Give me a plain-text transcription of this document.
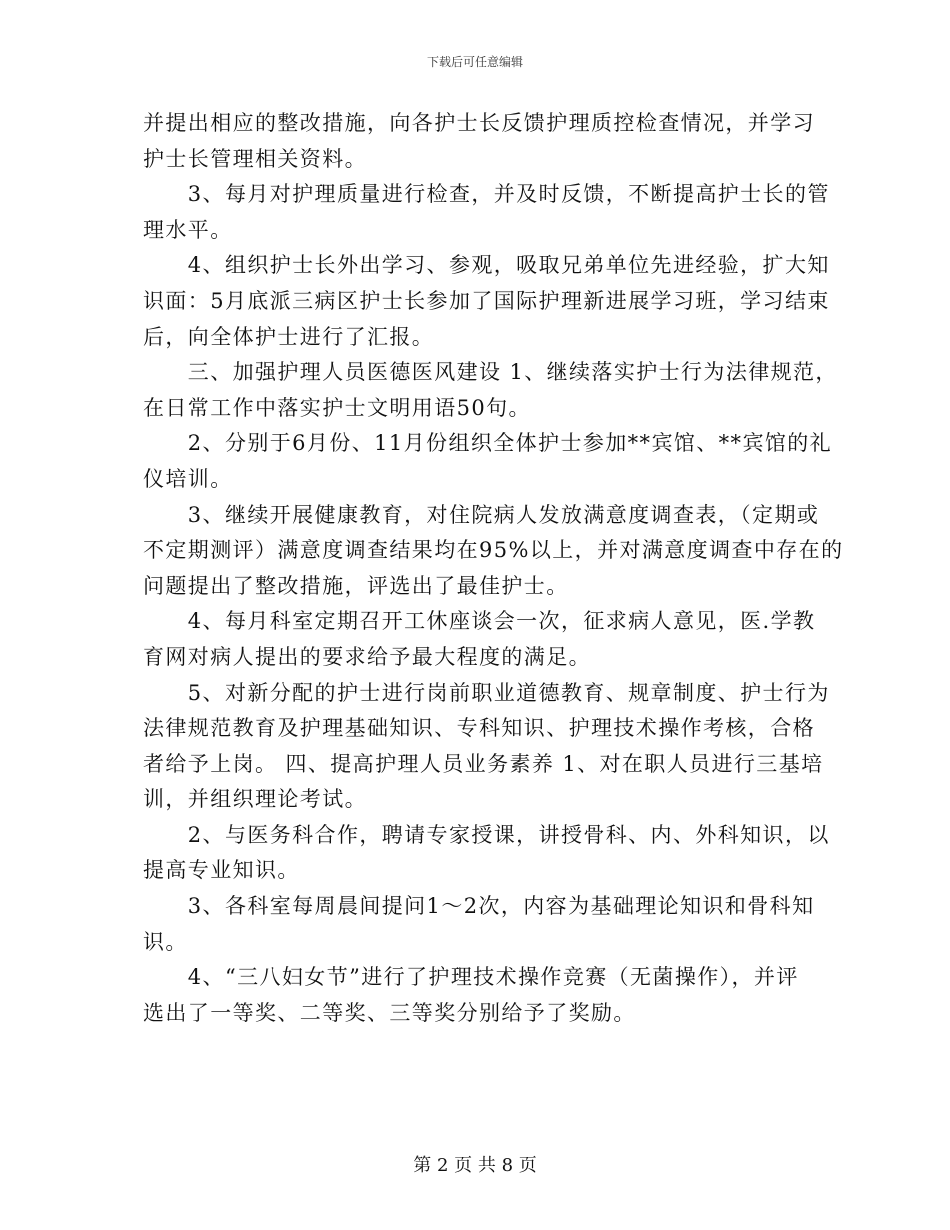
下载后可任意编辑
并提出相应的整改措施，向各护士长反馈护理质控检查情况，并学习
护士长管理相关资料。
　　3、每月对护理质量进行检查，并及时反馈，不断提高护士长的管
理水平。
　　4、组织护士长外出学习、参观，吸取兄弟单位先进经验，扩大知
识面：5月底派三病区护士长参加了国际护理新进展学习班，学习结束
后，向全体护士进行了汇报。
　　三、加强护理人员医德医风建设 1、继续落实护士行为法律规范，
在日常工作中落实护士文明用语50句。
　　2、分别于6月份、11月份组织全体护士参加**宾馆、**宾馆的礼
仪培训。
　　3、继续开展健康教育，对住院病人发放满意度调查表，（定期或
不定期测评）满意度调查结果均在95%以上，并对满意度调查中存在的
问题提出了整改措施，评选出了最佳护士。
　　4、每月科室定期召开工休座谈会一次，征求病人意见，医.学教
育网对病人提出的要求给予最大程度的满足。
　　5、对新分配的护士进行岗前职业道德教育、规章制度、护士行为
法律规范教育及护理基础知识、专科知识、护理技术操作考核，合格
者给予上岗。 四、提高护理人员业务素养 1、对在职人员进行三基培
训，并组织理论考试。
　　2、与医务科合作，聘请专家授课，讲授骨科、内、外科知识，以
提高专业知识。
　　3、各科室每周晨间提问1～2次，内容为基础理论知识和骨科知
识。
　　4、“三八妇女节”进行了护理技术操作竞赛（无菌操作），并评
选出了一等奖、二等奖、三等奖分别给予了奖励。
第 2 页 共 8 页
